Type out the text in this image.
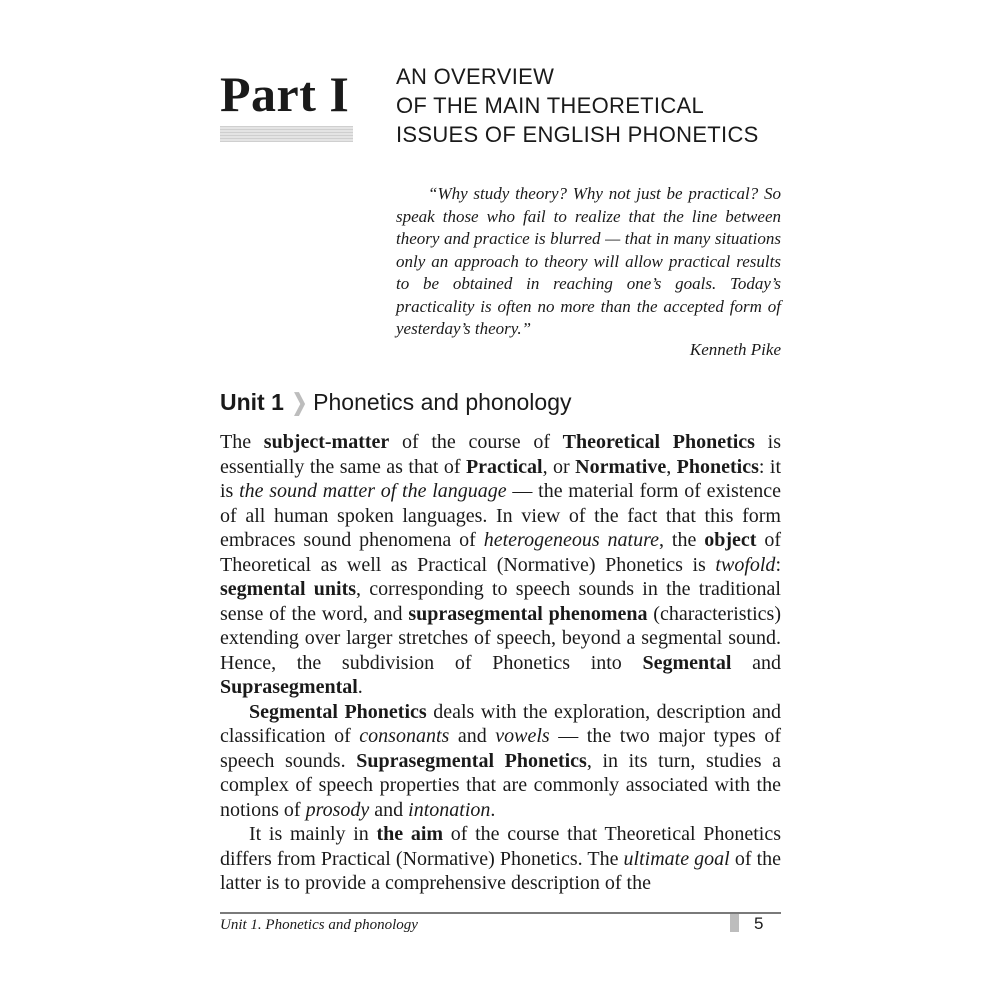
Part I AN OVERVIEW
OF THE MAIN THEORETICAL
ISSUES OF ENGLISH PHONETICS
“Why study theory? Why not just be practical? So speak those who fail to realize that the line between theory and practice is blurred — that in many situations only an approach to theory will allow practical results to be obtained in reaching one’s goals. Today’s practicality is often no more than the accepted form of yesterday’s theory.”
Kenneth Pike
Unit 1 ❯ Phonetics and phonology

The subject-matter of the course of Theoretical Phonetics is essentially the same as that of Practical, or Normative, Phonetics: it is the sound matter of the language — the material form of existence of all human spoken languages. In view of the fact that this form embraces sound phenomena of heterogeneous nature, the object of Theoretical as well as Practical (Normative) Phonetics is twofold: segmental units, corresponding to speech sounds in the traditional sense of the word, and suprasegmental phenomena (characteristics) extending over larger stretches of speech, beyond a segmental sound. Hence, the subdivision of Phonetics into Segmental and Suprasegmental.

Segmental Phonetics deals with the exploration, description and classification of consonants and vowels — the two major types of speech sounds. Suprasegmental Phonetics, in its turn, studies a complex of speech properties that are commonly associated with the notions of prosody and intonation.

It is mainly in the aim of the course that Theoretical Phonetics differs from Practical (Normative) Phonetics. The ultimate goal of the latter is to provide a comprehensive description of the

Unit 1. Phonetics and phonology	5
